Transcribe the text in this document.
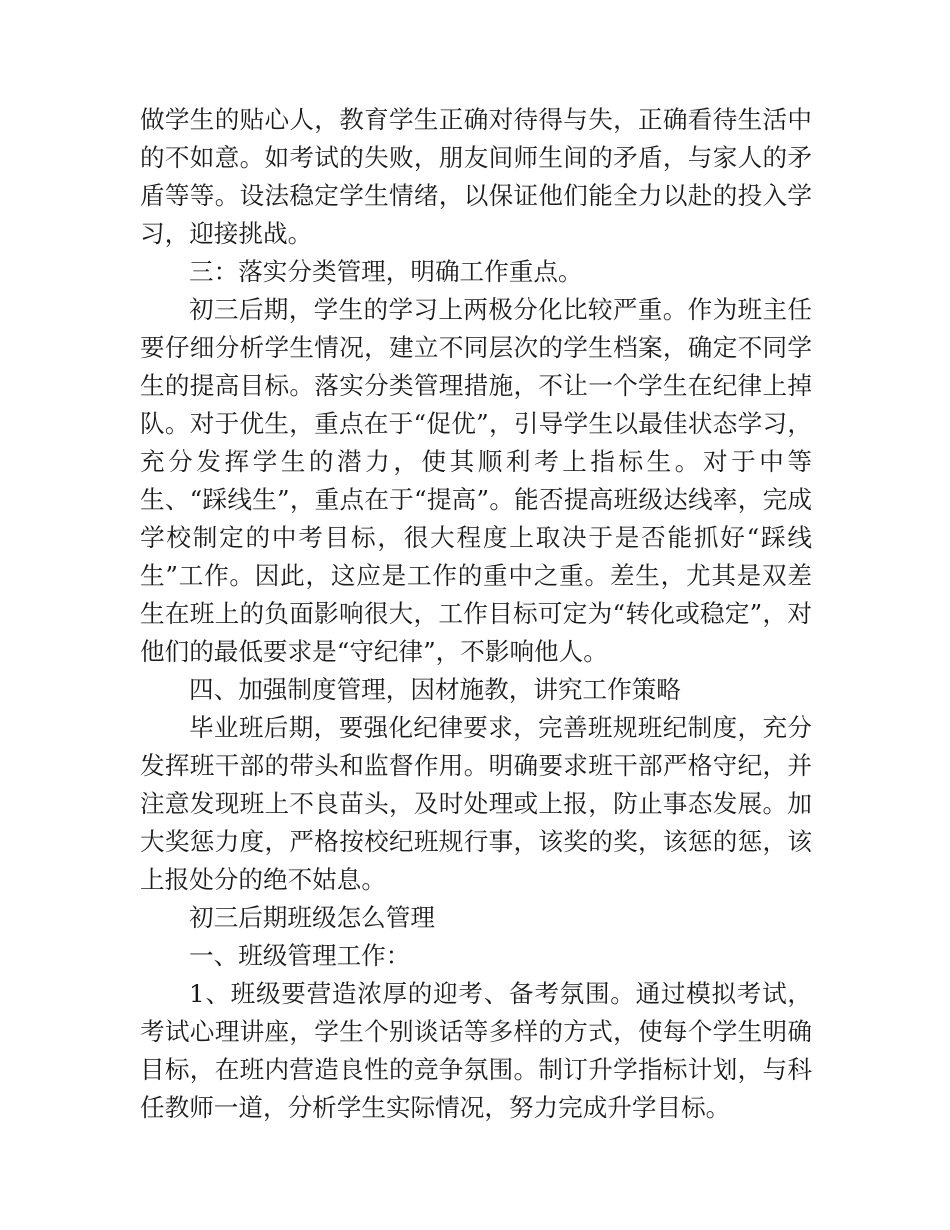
做学生的贴心人，教育学生正确对待得与失，正确看待生活中的不如意。如考试的失败，朋友间师生间的矛盾，与家人的矛盾等等。设法稳定学生情绪，以保证他们能全力以赴的投入学习，迎接挑战。

三：落实分类管理，明确工作重点。

初三后期，学生的学习上两极分化比较严重。作为班主任要仔细分析学生情况，建立不同层次的学生档案，确定不同学生的提高目标。落实分类管理措施，不让一个学生在纪律上掉队。对于优生，重点在于“促优”，引导学生以最佳状态学习，充分发挥学生的潜力，使其顺利考上指标生。对于中等生、“踩线生”，重点在于“提高”。能否提高班级达线率，完成学校制定的中考目标，很大程度上取决于是否能抓好“踩线生”工作。因此，这应是工作的重中之重。差生，尤其是双差生在班上的负面影响很大，工作目标可定为“转化或稳定”，对他们的最低要求是“守纪律”，不影响他人。

四、加强制度管理，因材施教，讲究工作策略

毕业班后期，要强化纪律要求，完善班规班纪制度，充分发挥班干部的带头和监督作用。明确要求班干部严格守纪，并注意发现班上不良苗头，及时处理或上报，防止事态发展。加大奖惩力度，严格按校纪班规行事，该奖的奖，该惩的惩，该上报处分的绝不姑息。

初三后期班级怎么管理

一、班级管理工作：

1、班级要营造浓厚的迎考、备考氛围。通过模拟考试，考试心理讲座，学生个别谈话等多样的方式，使每个学生明确目标，在班内营造良性的竞争氛围。制订升学指标计划，与科任教师一道，分析学生实际情况，努力完成升学目标。
